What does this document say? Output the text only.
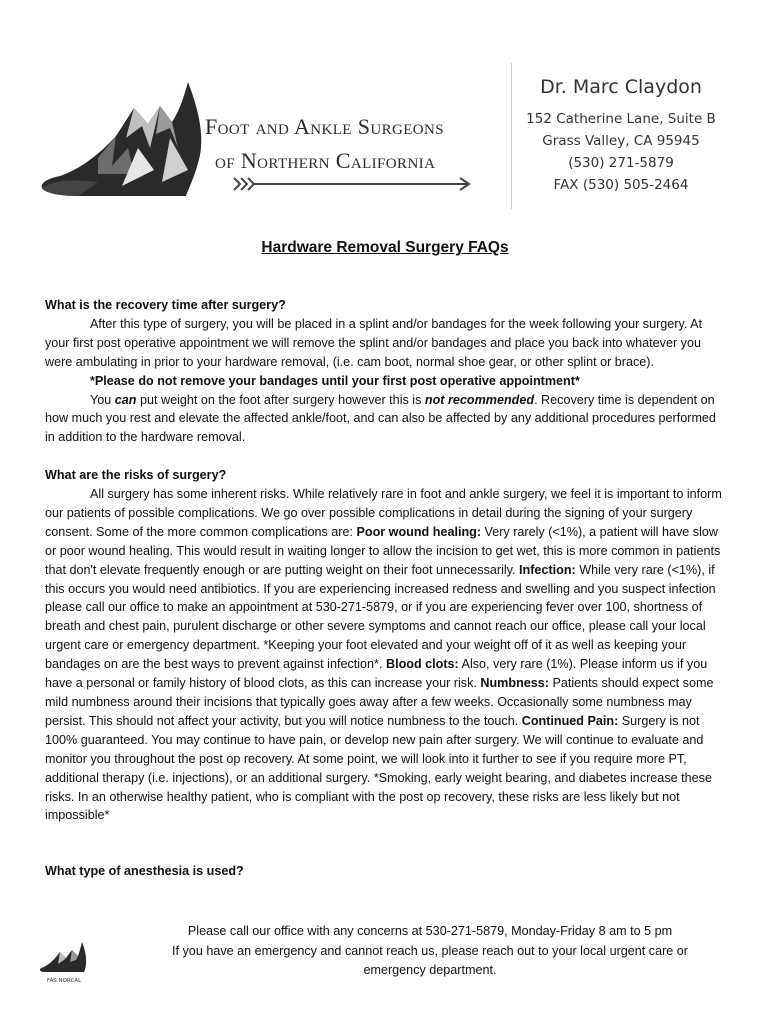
Foot and Ankle Surgeons
of Northern California
Dr. Marc Claydon
152 Catherine Lane, Suite B
Grass Valley, CA 95945
(530) 271-5879
FAX (530) 505-2464
Hardware Removal Surgery FAQs

What is the recovery time after surgery?

After this type of surgery, you will be placed in a splint and/or bandages for the week following your surgery. At your first post operative appointment we will remove the splint and/or bandages and place you back into whatever you were ambulating in prior to your hardware removal, (i.e. cam boot, normal shoe gear, or other splint or brace).

*Please do not remove your bandages until your first post operative appointment*

You can put weight on the foot after surgery however this is not recommended. Recovery time is dependent on how much you rest and elevate the affected ankle/foot, and can also be affected by any additional procedures performed in addition to the hardware removal.

What are the risks of surgery?

All surgery has some inherent risks. While relatively rare in foot and ankle surgery, we feel it is important to inform our patients of possible complications. We go over possible complications in detail during the signing of your surgery consent. Some of the more common complications are: Poor wound healing: Very rarely (<1%), a patient will have slow or poor wound healing. This would result in waiting longer to allow the incision to get wet, this is more common in patients that don't elevate frequently enough or are putting weight on their foot unnecessarily. Infection: While very rare (<1%), if this occurs you would need antibiotics. If you are experiencing increased redness and swelling and you suspect infection please call our office to make an appointment at 530-271-5879, or if you are experiencing fever over 100, shortness of breath and chest pain, purulent discharge or other severe symptoms and cannot reach our office, please call your local urgent care or emergency department. *Keeping your foot elevated and your weight off of it as well as keeping your bandages on are the best ways to prevent against infection*. Blood clots: Also, very rare (1%). Please inform us if you have a personal or family history of blood clots, as this can increase your risk. Numbness: Patients should expect some mild numbness around their incisions that typically goes away after a few weeks. Occasionally some numbness may persist. This should not affect your activity, but you will notice numbness to the touch. Continued Pain: Surgery is not 100% guaranteed. You may continue to have pain, or develop new pain after surgery. We will continue to evaluate and monitor you throughout the post op recovery. At some point, we will look into it further to see if you require more PT, additional therapy (i.e. injections), or an additional surgery. *Smoking, early weight bearing, and diabetes increase these risks. In an otherwise healthy patient, who is compliant with the post op recovery, these risks are less likely but not impossible*

What type of anesthesia is used?

Please call our office with any concerns at 530-271-5879, Monday-Friday 8 am to 5 pm
If you have an emergency and cannot reach us, please reach out to your local urgent care or emergency department.
FAS NORCAL
